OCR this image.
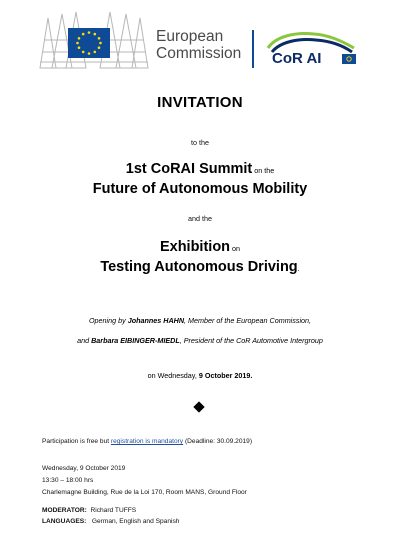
European
Commission CoR AI
INVITATION
to the
1st CoRAI Summit on the
Future of Autonomous Mobility
and the
Exhibition on
Testing Autonomous Driving.
Opening by Johannes HAHN, Member of the European Commission,
and Barbara EIBINGER-MIEDL, President of the CoR Automotive Intergroup
on Wednesday, 9 October 2019.
Participation is free but registration is mandatory (Deadline: 30.09.2019)
Wednesday, 9 October 2019
13:30 – 18:00 hrs
Charlemagne Building, Rue de la Loi 170, Room MANS, Ground Floor
MODERATOR: Richard TUFFS
LANGUAGES: German, English and Spanish
